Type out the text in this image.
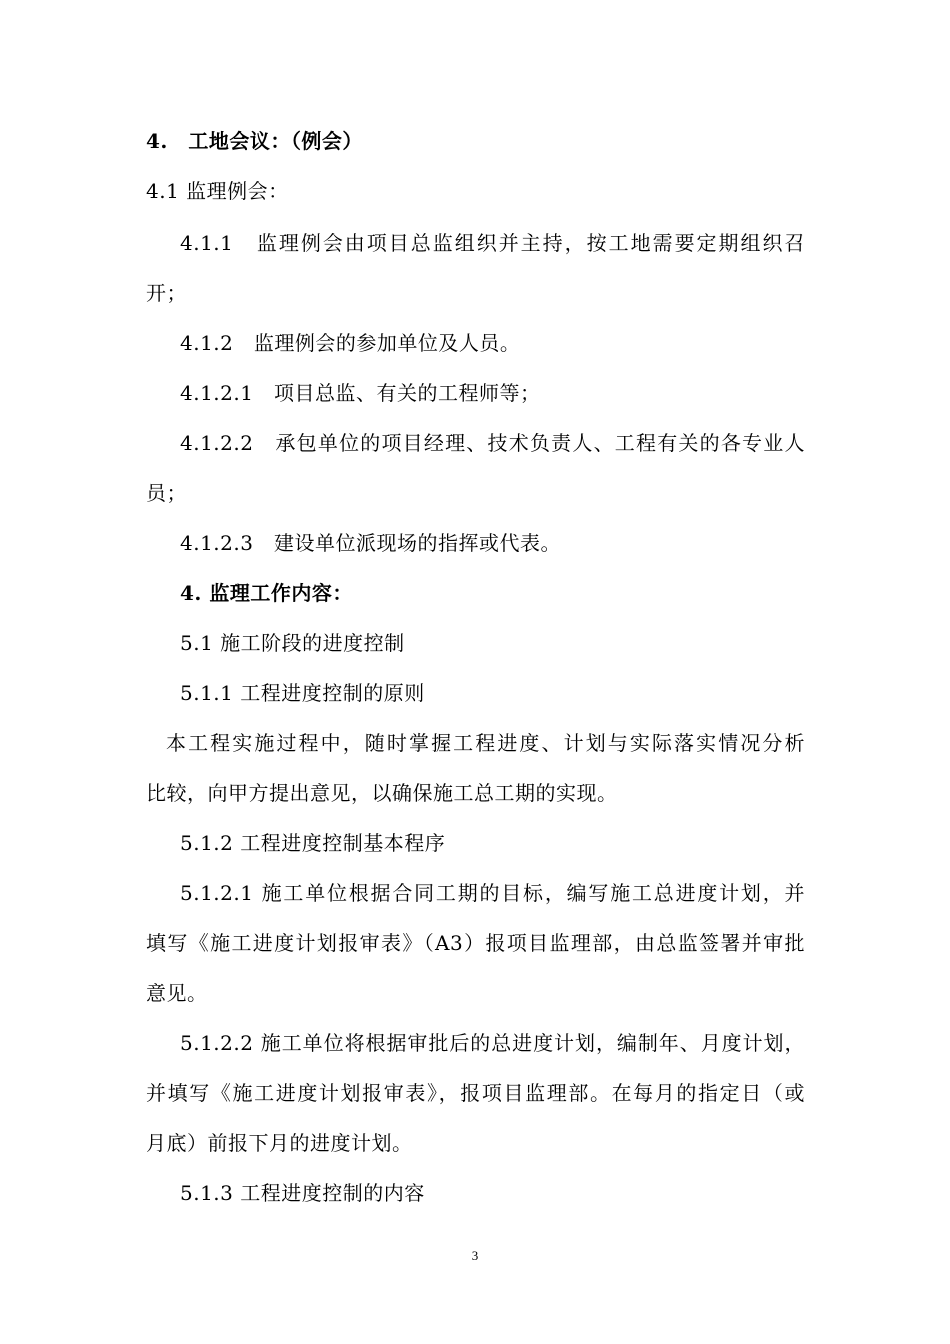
4.　工地会议：（例会）
4.1 监理例会：
4.1.1　监理例会由项目总监组织并主持，按工地需要定期组织召
开；
4.1.2　监理例会的参加单位及人员。
4.1.2.1　项目总监、有关的工程师等；
4.1.2.2　承包单位的项目经理、技术负责人、工程有关的各专业人
员；
4.1.2.3　建设单位派现场的指挥或代表。
4. 监理工作内容：
5.1 施工阶段的进度控制
5.1.1 工程进度控制的原则
本工程实施过程中，随时掌握工程进度、计划与实际落实情况分析
比较，向甲方提出意见，以确保施工总工期的实现。
5.1.2 工程进度控制基本程序
5.1.2.1 施工单位根据合同工期的目标，编写施工总进度计划，并
填写《施工进度计划报审表》（A3）报项目监理部，由总监签署并审批
意见。
5.1.2.2 施工单位将根据审批后的总进度计划，编制年、月度计划，
并填写《施工进度计划报审表》，报项目监理部。在每月的指定日（或
月底）前报下月的进度计划。
5.1.3 工程进度控制的内容
3
